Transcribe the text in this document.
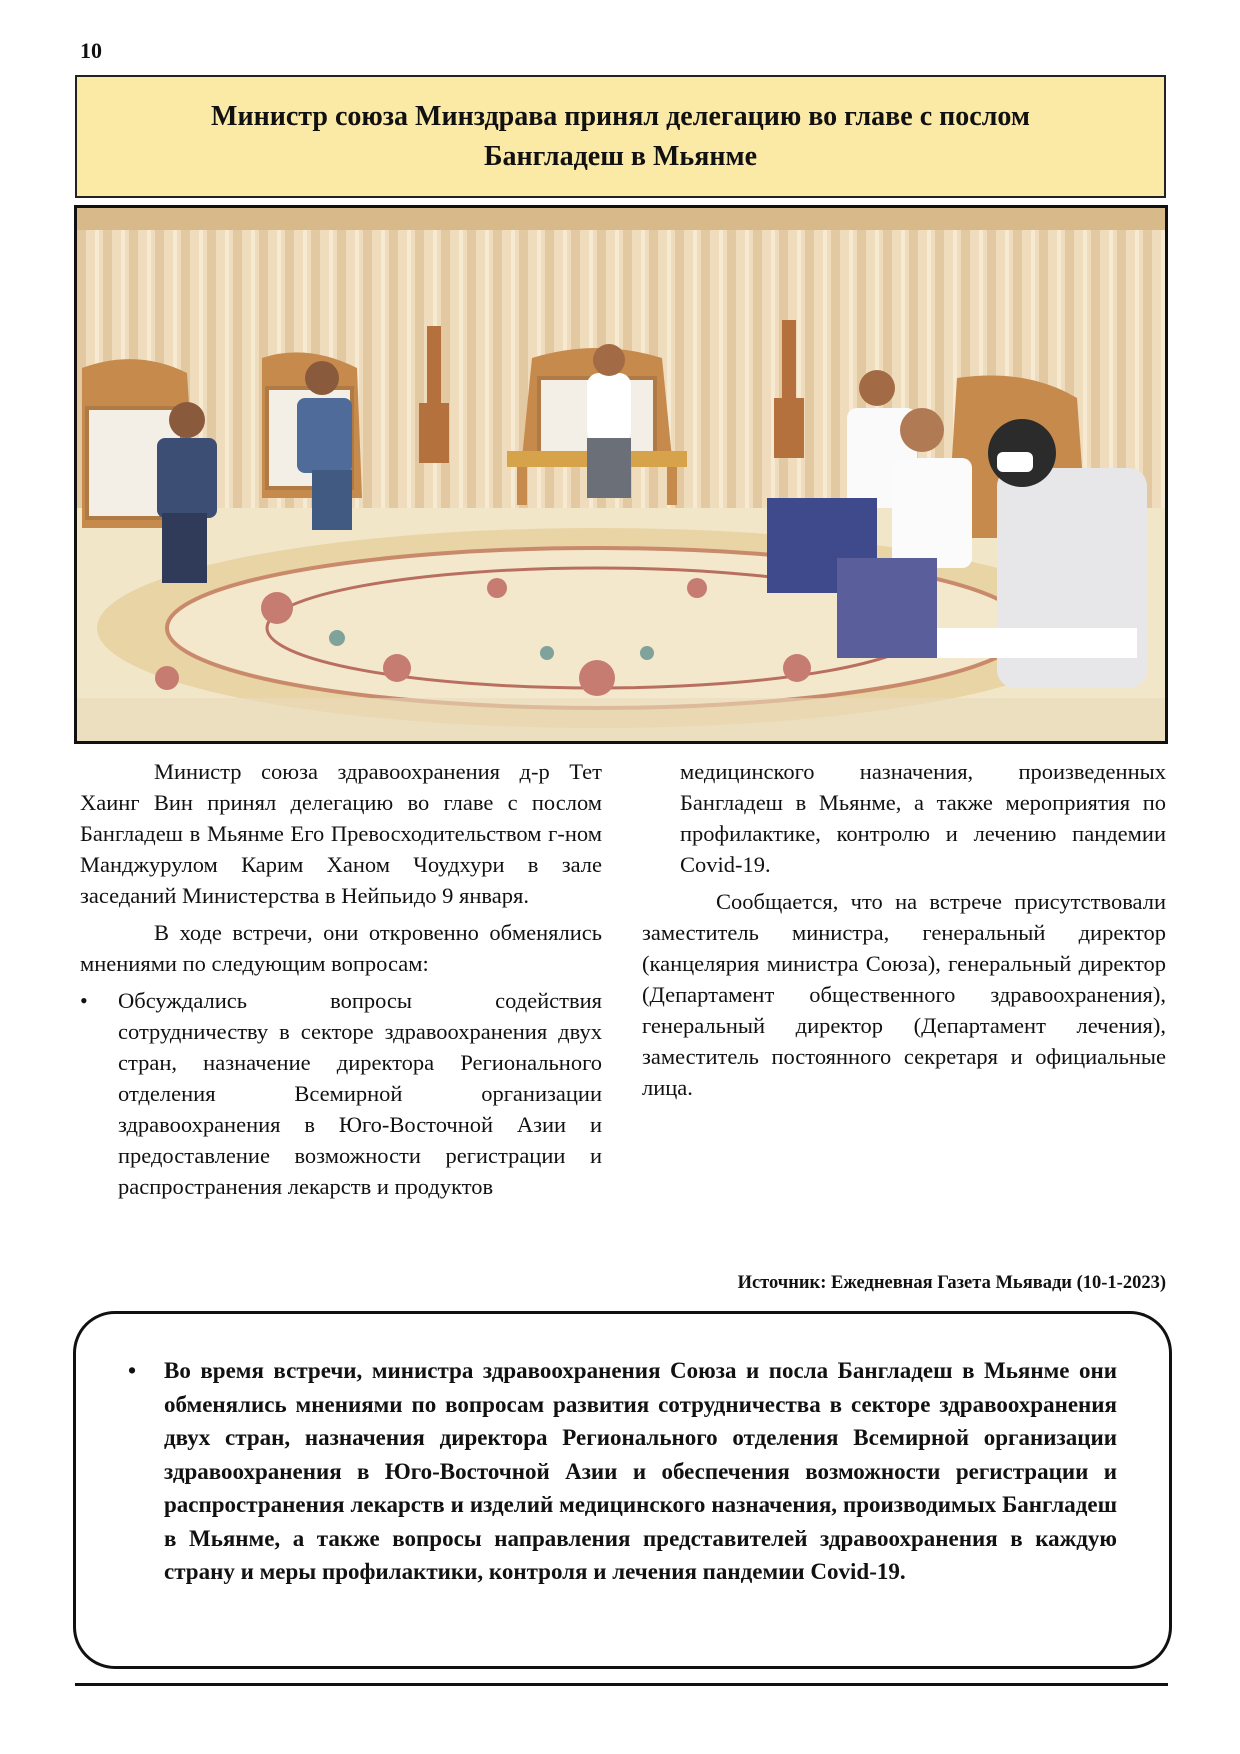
10
Министр союза Минздрава принял делегацию во главе с послом
Бангладеш в Мьянме

Министр союза здравоохранения д-р Тет Хаинг Вин принял делегацию во главе с послом Бангладеш в Мьянме Его Превосходительством г-ном Манджурулом Карим Ханом Чоудхури в зале заседаний Министерства в Нейпьидо 9 января.

В ходе встречи, они откровенно обменялись мнениями по следующим вопросам:

• Обсуждались вопросы содействия сотрудничеству в секторе здравоохранения двух стран, назначение директора Регионального отделения Всемирной организации здравоохранения в Юго-Восточной Азии и предоставление возможности регистрации и распространения лекарств и продуктов

медицинского назначения, произведенных Бангладеш в Мьянме, а также мероприятия по профилактике, контролю и лечению пандемии Covid-19.

Сообщается, что на встрече присутствовали заместитель министра, генеральный директор (канцелярия министра Союза), генеральный директор (Департамент общественного здравоохранения), генеральный директор (Департамент лечения), заместитель постоянного секретаря и официальные лица.

Источник: Ежедневная Газета Мьявади (10-1-2023)
• Во время встречи, министра здравоохранения Союза и посла Бангладеш в Мьянме они обменялись мнениями по вопросам развития сотрудничества в секторе здравоохранения двух стран, назначения директора Регионального отделения Всемирной организации здравоохранения в Юго-Восточной Азии и обеспечения возможности регистрации и распространения лекарств и изделий медицинского назначения, производимых Бангладеш в Мьянме, а также вопросы направления представителей здравоохранения в каждую страну и меры профилактики, контроля и лечения пандемии Covid-19.
